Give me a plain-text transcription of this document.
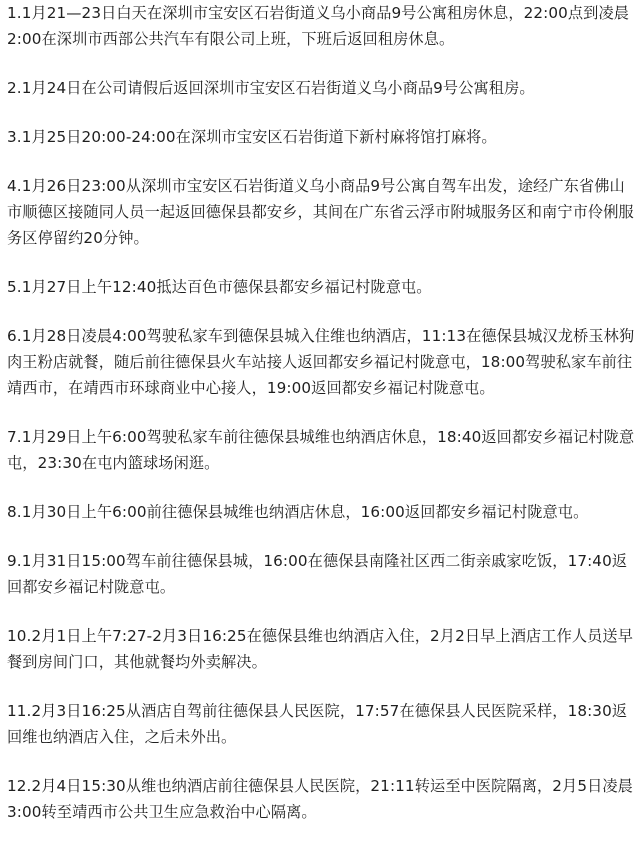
1.1月21—23日白天在深圳市宝安区石岩街道义乌小商品9号公寓租房休息，22:00点到凌晨2:00在深圳市西部公共汽车有限公司上班，下班后返回租房休息。

2.1月24日在公司请假后返回深圳市宝安区石岩街道义乌小商品9号公寓租房。

3.1月25日20:00-24:00在深圳市宝安区石岩街道下新村麻将馆打麻将。

4.1月26日23:00从深圳市宝安区石岩街道义乌小商品9号公寓自驾车出发，途经广东省佛山市顺德区接随同人员一起返回德保县都安乡，其间在广东省云浮市附城服务区和南宁市伶俐服务区停留约20分钟。

5.1月27日上午12:40抵达百色市德保县都安乡福记村陇意屯。

6.1月28日凌晨4:00驾驶私家车到德保县城入住维也纳酒店，11:13在德保县城汉龙桥玉林狗肉王粉店就餐，随后前往德保县火车站接人返回都安乡福记村陇意屯，18:00驾驶私家车前往靖西市，在靖西市环球商业中心接人，19:00返回都安乡福记村陇意屯。

7.1月29日上午6:00驾驶私家车前往德保县城维也纳酒店休息，18:40返回都安乡福记村陇意屯，23:30在屯内篮球场闲逛。

8.1月30日上午6:00前往德保县城维也纳酒店休息，16:00返回都安乡福记村陇意屯。

9.1月31日15:00驾车前往德保县城，16:00在德保县南隆社区西二街亲戚家吃饭，17:40返回都安乡福记村陇意屯。

10.2月1日上午7:27-2月3日16:25在德保县维也纳酒店入住，2月2日早上酒店工作人员送早餐到房间门口，其他就餐均外卖解决。

11.2月3日16:25从酒店自驾前往德保县人民医院，17:57在德保县人民医院采样，18:30返回维也纳酒店入住，之后未外出。

12.2月4日15:30从维也纳酒店前往德保县人民医院，21:11转运至中医院隔离，2月5日凌晨3:00转至靖西市公共卫生应急救治中心隔离。
